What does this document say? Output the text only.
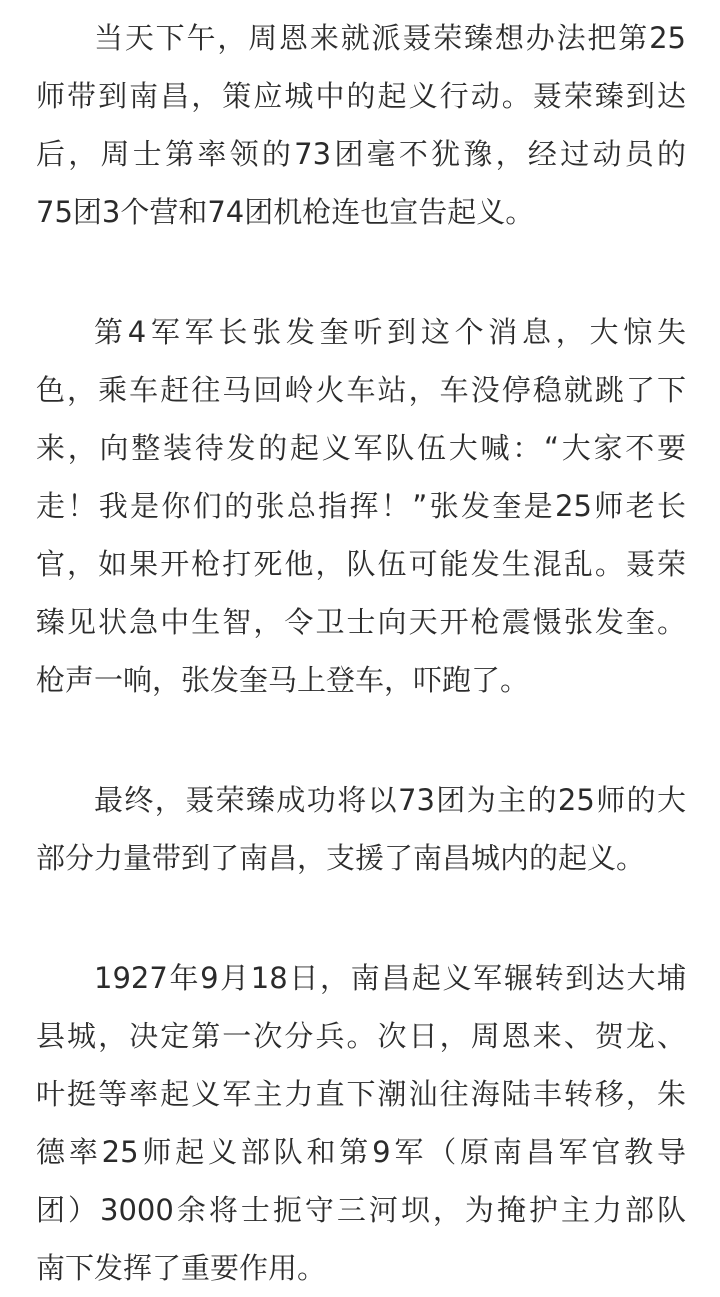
当天下午，周恩来就派聂荣臻想办法把第25
师带到南昌，策应城中的起义行动。聂荣臻到达
后，周士第率领的73团毫不犹豫，经过动员的
75团3个营和74团机枪连也宣告起义。
第4军军长张发奎听到这个消息，大惊失
色，乘车赶往马回岭火车站，车没停稳就跳了下
来，向整装待发的起义军队伍大喊：“大家不要
走！我是你们的张总指挥！”张发奎是25师老长
官，如果开枪打死他，队伍可能发生混乱。聂荣
臻见状急中生智，令卫士向天开枪震慑张发奎。
枪声一响，张发奎马上登车，吓跑了。
最终，聂荣臻成功将以73团为主的25师的大
部分力量带到了南昌，支援了南昌城内的起义。
1927年9月18日，南昌起义军辗转到达大埔
县城，决定第一次分兵。次日，周恩来、贺龙、
叶挺等率起义军主力直下潮汕往海陆丰转移，朱
德率25师起义部队和第9军（原南昌军官教导
团）3000余将士扼守三河坝，为掩护主力部队
南下发挥了重要作用。
